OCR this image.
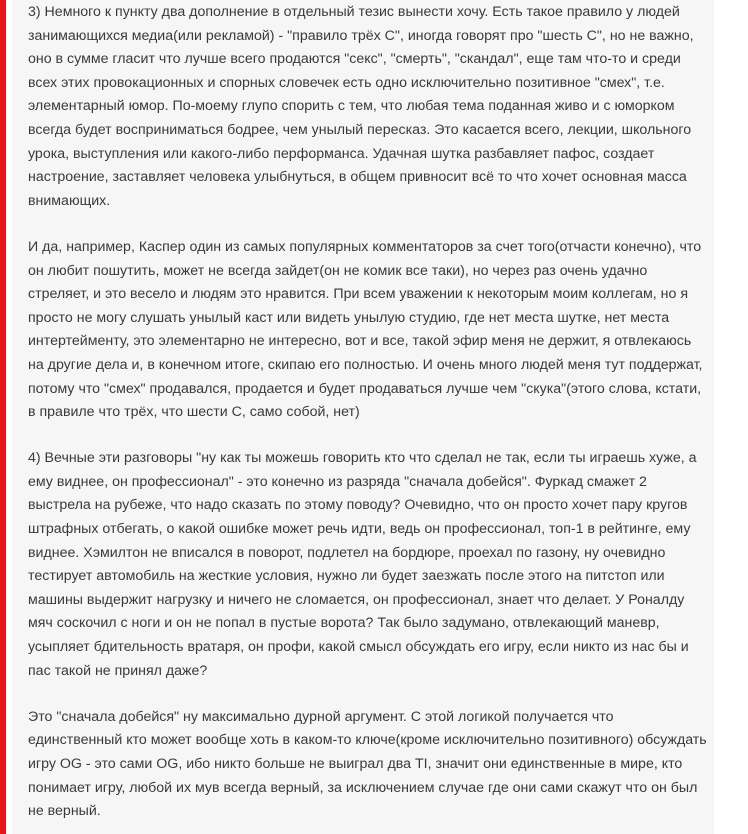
3) Немного к пункту два дополнение в отдельный тезис вынести хочу. Есть такое правило у людей занимающихся медиа(или рекламой) - "правило трёх С", иногда говорят про "шесть С", но не важно, оно в сумме гласит что лучше всего продаются "секс", "смерть", "скандал", еще там что-то и среди всех этих провокационных и спорных словечек есть одно исключительно позитивное "смех", т.е. элементарный юмор. По-моему глупо спорить с тем, что любая тема поданная живо и с юморком всегда будет восприниматься бодрее, чем унылый пересказ. Это касается всего, лекции, школьного урока, выступления или какого-либо перформанса. Удачная шутка разбавляет пафос, создает настроение, заставляет человека улыбнуться, в общем привносит всё то что хочет основная масса внимающих.

И да, например, Каспер один из самых популярных комментаторов за счет того(отчасти конечно), что он любит пошутить, может не всегда зайдет(он не комик все таки), но через раз очень удачно стреляет, и это весело и людям это нравится. При всем уважении к некоторым моим коллегам, но я просто не могу слушать унылый каст или видеть унылую студию, где нет места шутке, нет места интертейменту, это элементарно не интересно, вот и все, такой эфир меня не держит, я отвлекаюсь на другие дела и, в конечном итоге, скипаю его полностью. И очень много людей меня тут поддержат, потому что "смех" продавался, продается и будет продаваться лучше чем "скука"(этого слова, кстати, в правиле что трёх, что шести С, само собой, нет)

4) Вечные эти разговоры "ну как ты можешь говорить кто что сделал не так, если ты играешь хуже, а ему виднее, он профессионал" - это конечно из разряда "сначала добейся". Фуркад смажет 2 выстрела на рубеже, что надо сказать по этому поводу? Очевидно, что он просто хочет пару кругов штрафных отбегать, о какой ошибке может речь идти, ведь он профессионал, топ-1 в рейтинге, ему виднее. Хэмилтон не вписался в поворот, подлетел на бордюре, проехал по газону, ну очевидно тестирует автомобиль на жесткие условия, нужно ли будет заезжать после этого на питстоп или машины выдержит нагрузку и ничего не сломается, он профессионал, знает что делает. У Роналду мяч соскочил с ноги и он не попал в пустые ворота? Так было задумано, отвлекающий маневр, усыпляет бдительность вратаря, он профи, какой смысл обсуждать его игру, если никто из нас бы и пас такой не принял даже?

Это "сначала добейся" ну максимально дурной аргумент. С этой логикой получается что единственный кто может вообще хоть в каком-то ключе(кроме исключительно позитивного) обсуждать игру OG - это сами OG, ибо никто больше не выиграл два TI, значит они единственные в мире, кто понимает игру, любой их мув всегда верный, за исключением случае где они сами скажут что он был не верный.
